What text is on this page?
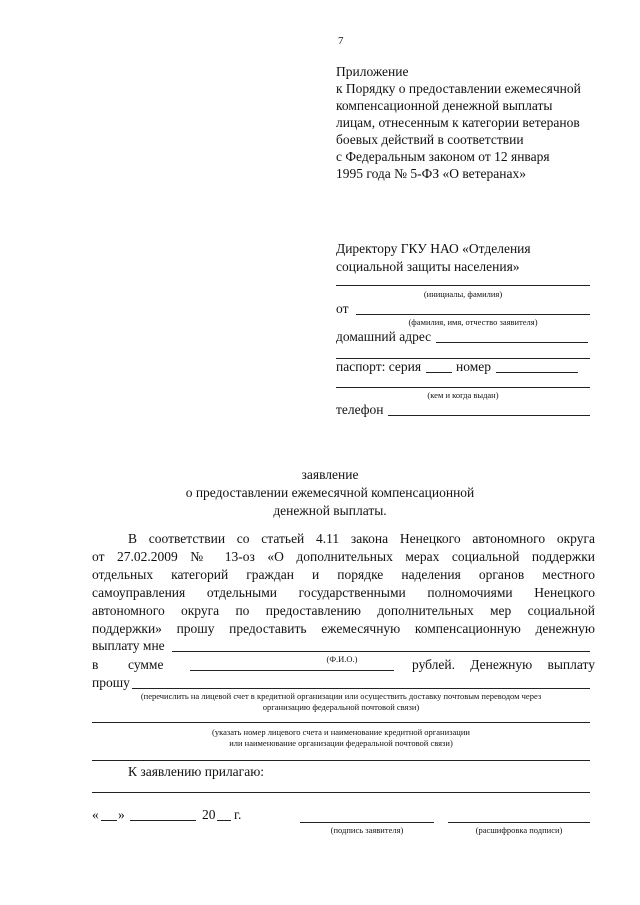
7
Приложение
к Порядку о предоставлении ежемесячной
компенсационной денежной выплаты
лицам, отнесенным к категории ветеранов
боевых действий в соответствии
с Федеральным законом от 12 января
1995 года № 5-ФЗ «О ветеранах»
Директору ГКУ НАО «Отделения
социальной защиты населения»
(инициалы, фамилия)
от
(фамилия, имя, отчество заявителя)
домашний адрес
паспорт: серия	номер
(кем и когда выдан)
телефон
заявление
о предоставлении ежемесячной компенсационной
денежной выплаты.
В соответствии со статьей 4.11 закона Ненецкого автономного округа
от 27.02.2009 № 13-оз «О дополнительных мерах социальной поддержки
отдельных категорий граждан и порядке наделения органов местного
самоуправления отдельными государственными полномочиями Ненецкого
автономного округа по предоставлению дополнительных мер социальной
поддержки» прошу предоставить ежемесячную компенсационную денежную
выплату мне
(Ф.И.О.)
в сумме	рублей. Денежную выплату
прошу
(перечислить на лицевой счет в кредитной организации или осуществить доставку почтовым переводом через
организацию федеральной почтовой связи)
(указать номер лицевого счета и наименование кредитной организации
или наименование организации федеральной почтовой связи)
К заявлению прилагаю:
« »	20 г.
(подпись заявителя)	(расшифровка подписи)
